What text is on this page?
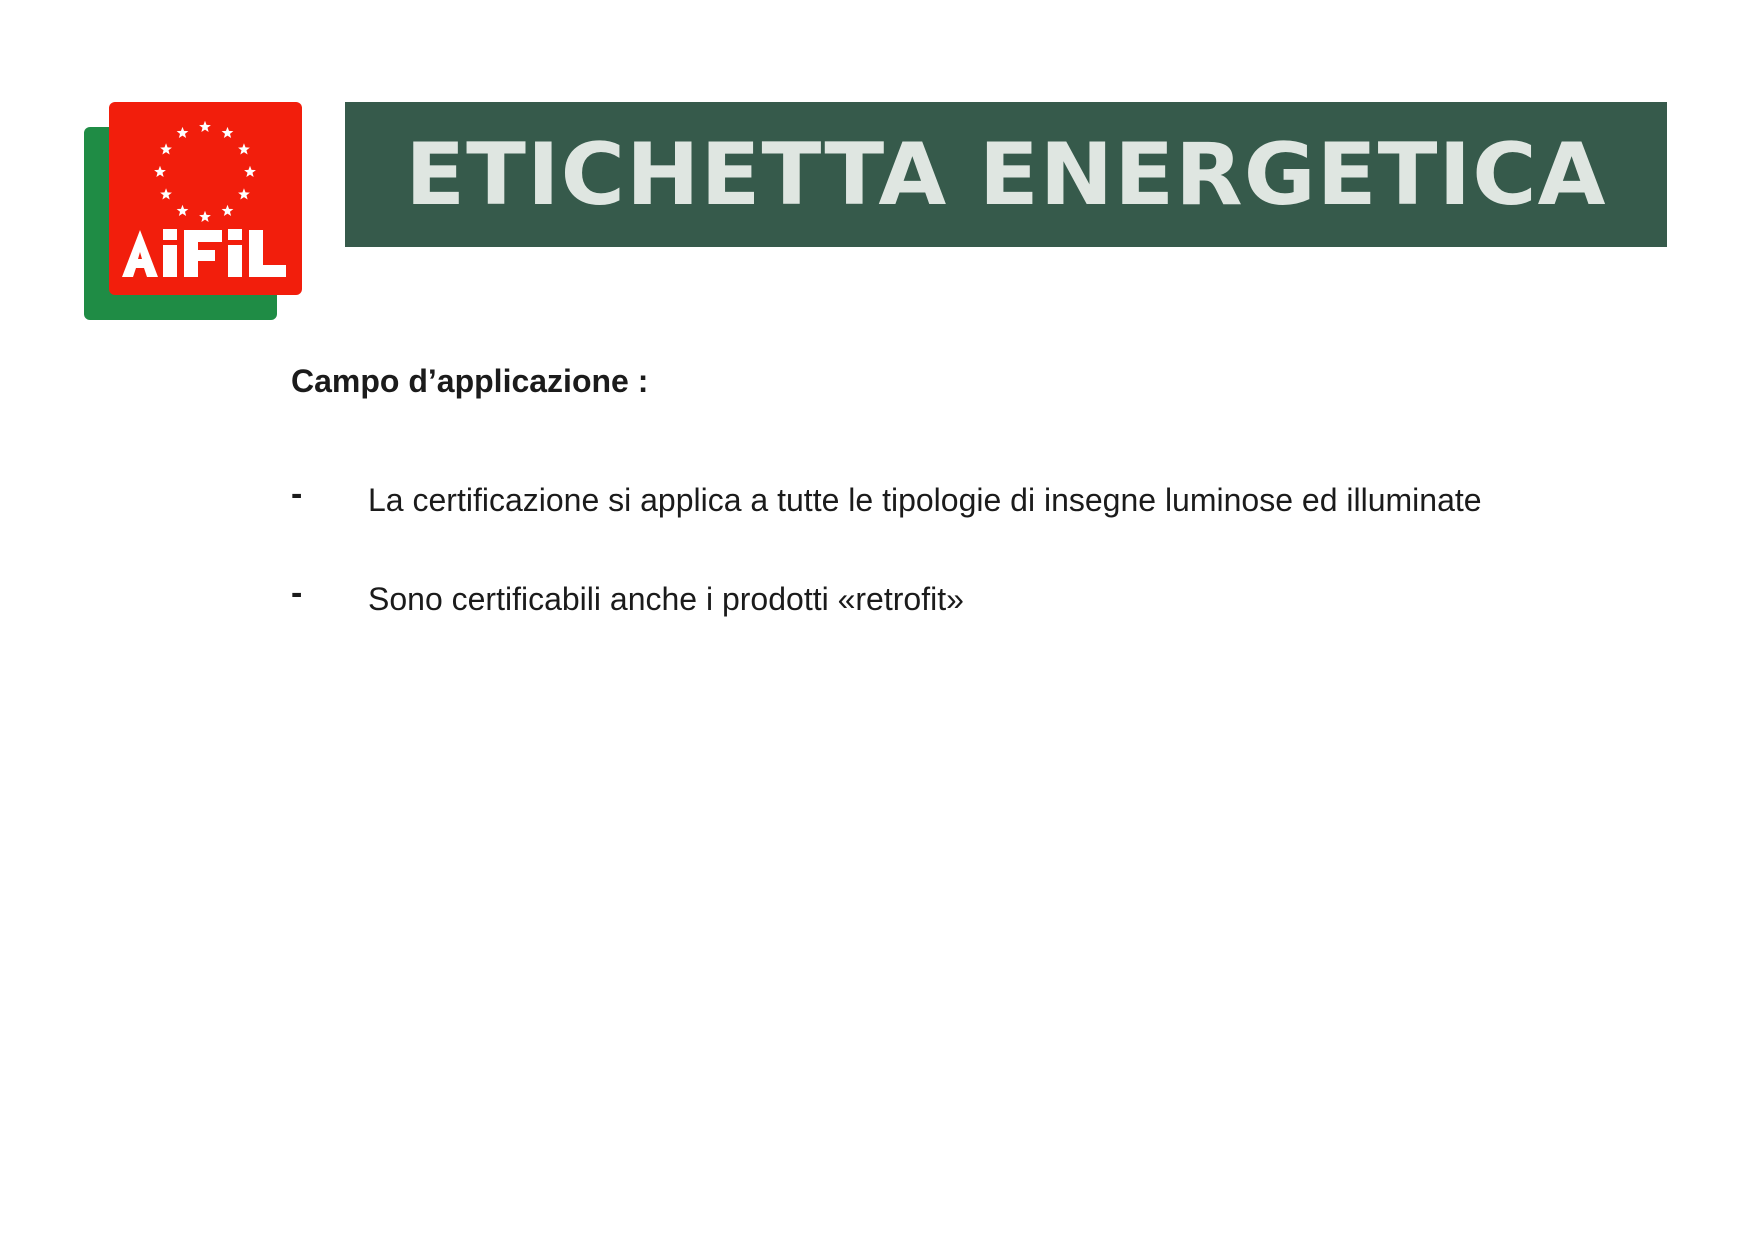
ETICHETTA ENERGETICA
Campo d’applicazione :
- La certificazione si applica a tutte le tipologie di insegne luminose ed illuminate
- Sono certificabili anche i prodotti «retrofit»
